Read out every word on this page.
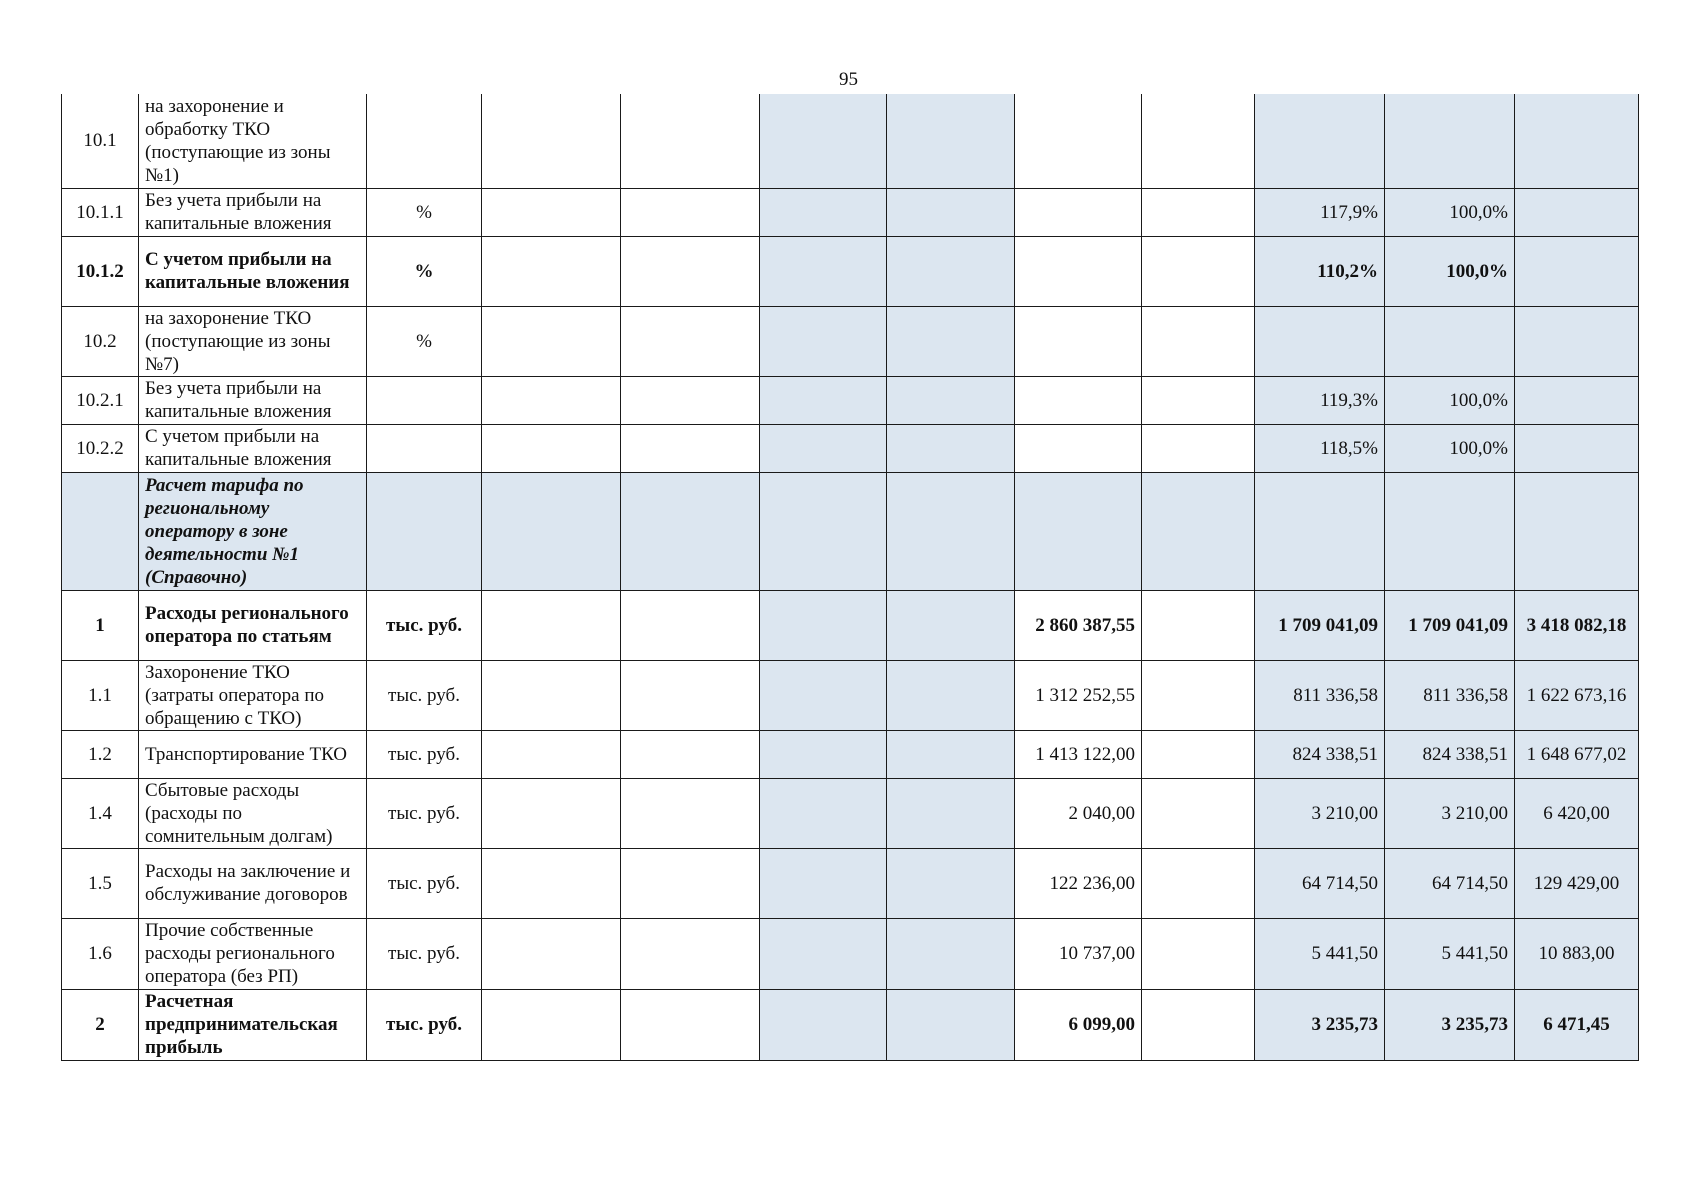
95
10.1	на захоронение и обработку ТКО (поступающие из зоны №1)										
10.1.1	Без учета прибыли на капитальные вложения	%							117,9%	100,0%	
10.1.2	С учетом прибыли на капитальные вложения	%							110,2%	100,0%	
10.2	на захоронение ТКО (поступающие из зоны №7)	%									
10.2.1	Без учета прибыли на капитальные вложения								119,3%	100,0%	
10.2.2	С учетом прибыли на капитальные вложения								118,5%	100,0%	
	Расчет тарифа по региональному оператору в зоне деятельности №1 (Справочно)										
1	Расходы регионального оператора по статьям	тыс. руб.					2 860 387,55		1 709 041,09	1 709 041,09	3 418 082,18
1.1	Захоронение ТКО (затраты оператора по обращению с ТКО)	тыс. руб.					1 312 252,55		811 336,58	811 336,58	1 622 673,16
1.2	Транспортирование ТКО	тыс. руб.					1 413 122,00		824 338,51	824 338,51	1 648 677,02
1.4	Сбытовые расходы (расходы по сомнительным долгам)	тыс. руб.					2 040,00		3 210,00	3 210,00	6 420,00
1.5	Расходы на заключение и обслуживание договоров	тыс. руб.					122 236,00		64 714,50	64 714,50	129 429,00
1.6	Прочие собственные расходы регионального оператора (без РП)	тыс. руб.					10 737,00		5 441,50	5 441,50	10 883,00
2	Расчетная предпринимательская прибыль	тыс. руб.					6 099,00		3 235,73	3 235,73	6 471,45
